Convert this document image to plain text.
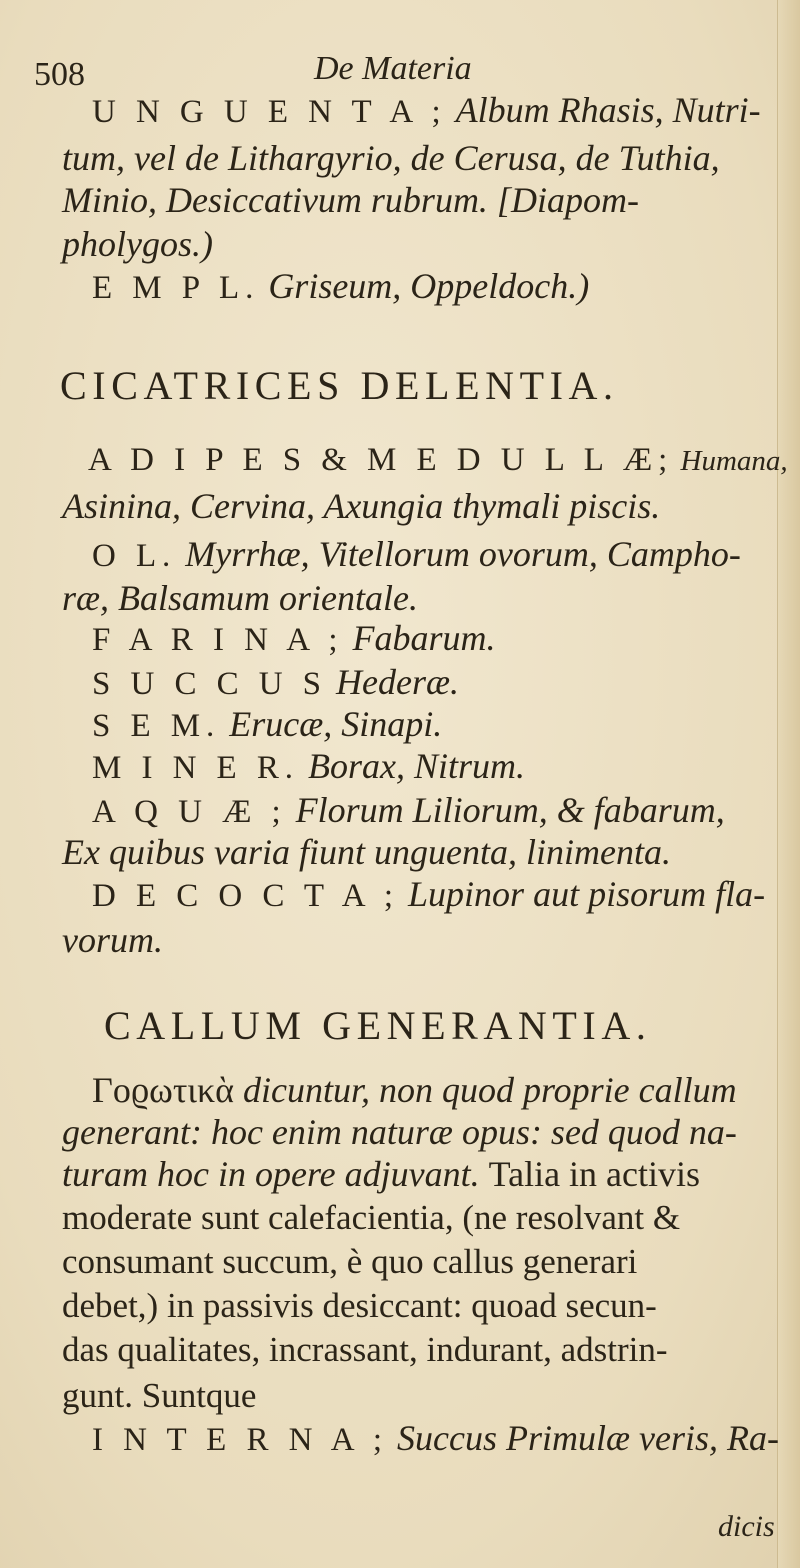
508	De Materia
U N G U E N T A ; Album Rhasis, Nutri-
tum, vel de Lithargyrio, de Cerusa, de Tuthia,
Minio, Desiccativum rubrum. [Diapom-
pholygos.)
E M P L. Griseum, Oppeldoch.)
CICATRICES DELENTIA.
A D I P E S & M E D U L L Æ; Humana,
Asinina, Cervina, Axungia thymali piscis.
O L. Myrrhæ, Vitellorum ovorum, Campho-
ræ, Balsamum orientale.
F A R I N A ; Fabarum.
S U C C U S Hederæ.
S E M. Erucæ, Sinapi.
M I N E R. Borax, Nitrum.
A Q U Æ ; Florum Liliorum, & fabarum,
Ex quibus varia fiunt unguenta, linimenta.
D E C O C T A ; Lupinor aut pisorum fla-
vorum.
CALLUM GENERANTIA.
Γοϱωτικὰ dicuntur, non quod proprie callum
generant: hoc enim naturæ opus: sed quod na-
turam hoc in opere adjuvant. Talia in activis
moderate sunt calefacientia, (ne resolvant &
consumant succum, è quo callus generari
debet,) in passivis desiccant: quoad secun-
das qualitates, incrassant, indurant, adstrin-
gunt. Suntque
I N T E R N A ; Succus Primulæ veris, Ra-
dicis
